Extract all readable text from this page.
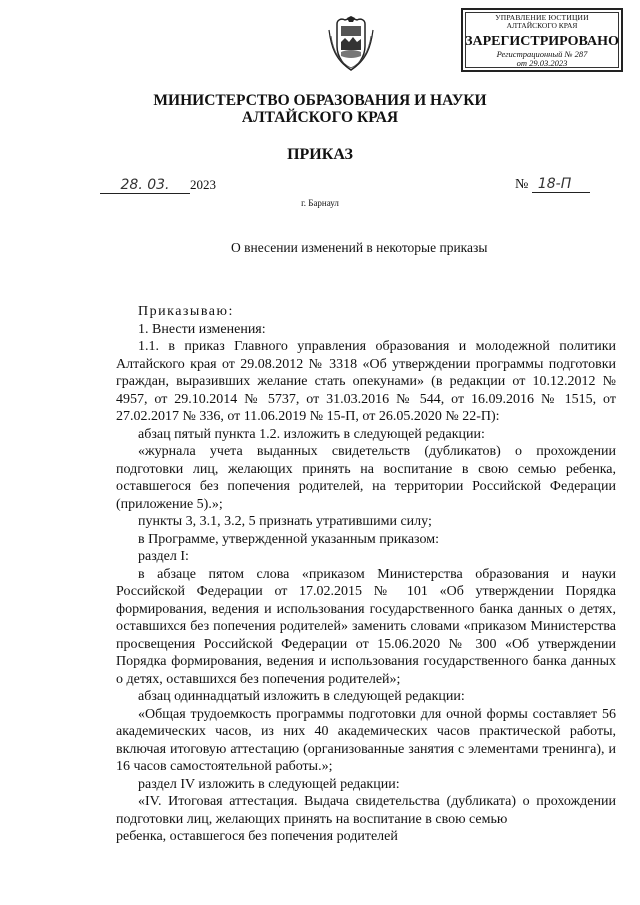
УПРАВЛЕНИЕ ЮСТИЦИИ
АЛТАЙСКОГО КРАЯ
ЗАРЕГИСТРИРОВАНО
Регистрационный № 287
от 29.03.2023
МИНИСТЕРСТВО ОБРАЗОВАНИЯ И НАУКИ
АЛТАЙСКОГО КРАЯ
ПРИКАЗ
28. 03. 2023	№ 18-П
г. Барнаул
О внесении изменений в некоторые приказы

Приказываю:

1. Внести изменения:

1.1. в приказ Главного управления образования и молодежной политики Алтайского края от 29.08.2012 № 3318 «Об утверждении программы подготовки граждан, выразивших желание стать опекунами» (в редакции от 10.12.2012 № 4957, от 29.10.2014 № 5737, от 31.03.2016 № 544, от 16.09.2016 № 1515, от 27.02.2017 № 336, от 11.06.2019 № 15-П, от 26.05.2020 № 22-П):

абзац пятый пункта 1.2. изложить в следующей редакции:

«журнала учета выданных свидетельств (дубликатов) о прохождении подготовки лиц, желающих принять на воспитание в свою семью ребенка, оставшегося без попечения родителей, на территории Российской Федерации (приложение 5).»;

пункты 3, 3.1, 3.2, 5 признать утратившими силу;

в Программе, утвержденной указанным приказом:

раздел I:

в абзаце пятом слова «приказом Министерства образования и науки Российской Федерации от 17.02.2015 № 101 «Об утверждении Порядка формирования, ведения и использования государственного банка данных о детях, оставшихся без попечения родителей» заменить словами «приказом Министерства просвещения Российской Федерации от 15.06.2020 № 300 «Об утверждении Порядка формирования, ведения и использования государственного банка данных о детях, оставшихся без попечения родителей»;

абзац одиннадцатый изложить в следующей редакции:

«Общая трудоемкость программы подготовки для очной формы составляет 56 академических часов, из них 40 академических часов практической работы, включая итоговую аттестацию (организованные занятия с элементами тренинга), и 16 часов самостоятельной работы.»;

раздел IV изложить в следующей редакции:

«IV. Итоговая аттестация. Выдача свидетельства (дубликата) о прохождении подготовки лиц, желающих принять на воспитание в свою семью

ребенка, оставшегося без попечения родителей
